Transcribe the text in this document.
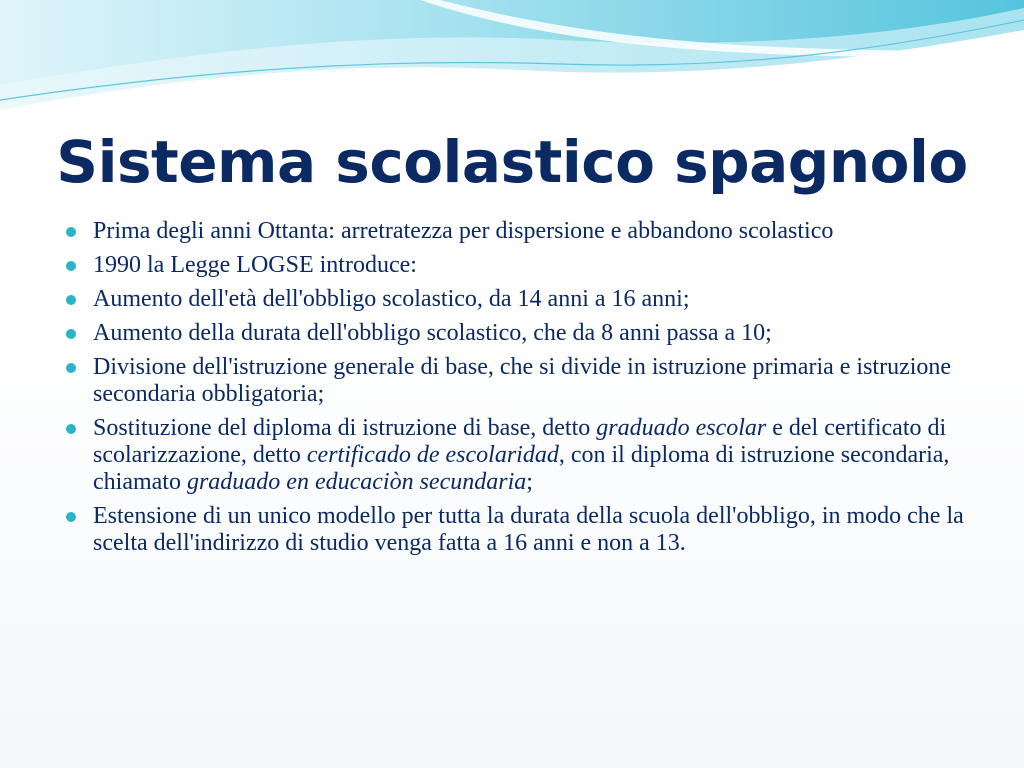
Sistema scolastico spagnolo
Prima degli anni Ottanta: arretratezza per dispersione e abbandono scolastico
1990 la Legge LOGSE introduce:
Aumento dell'età dell'obbligo scolastico, da 14 anni a 16 anni;
Aumento della durata dell'obbligo scolastico, che da 8 anni passa a 10;
Divisione dell'istruzione generale di base, che si divide in istruzione primaria e istruzione secondaria obbligatoria;
Sostituzione del diploma di istruzione di base, detto graduado escolar e del certificato di scolarizzazione, detto certificado de escolaridad, con il diploma di istruzione secondaria, chiamato graduado en educaciòn secundaria;
Estensione di un unico modello per tutta la durata della scuola dell'obbligo, in modo che la scelta dell'indirizzo di studio venga fatta a 16 anni e non a 13.
